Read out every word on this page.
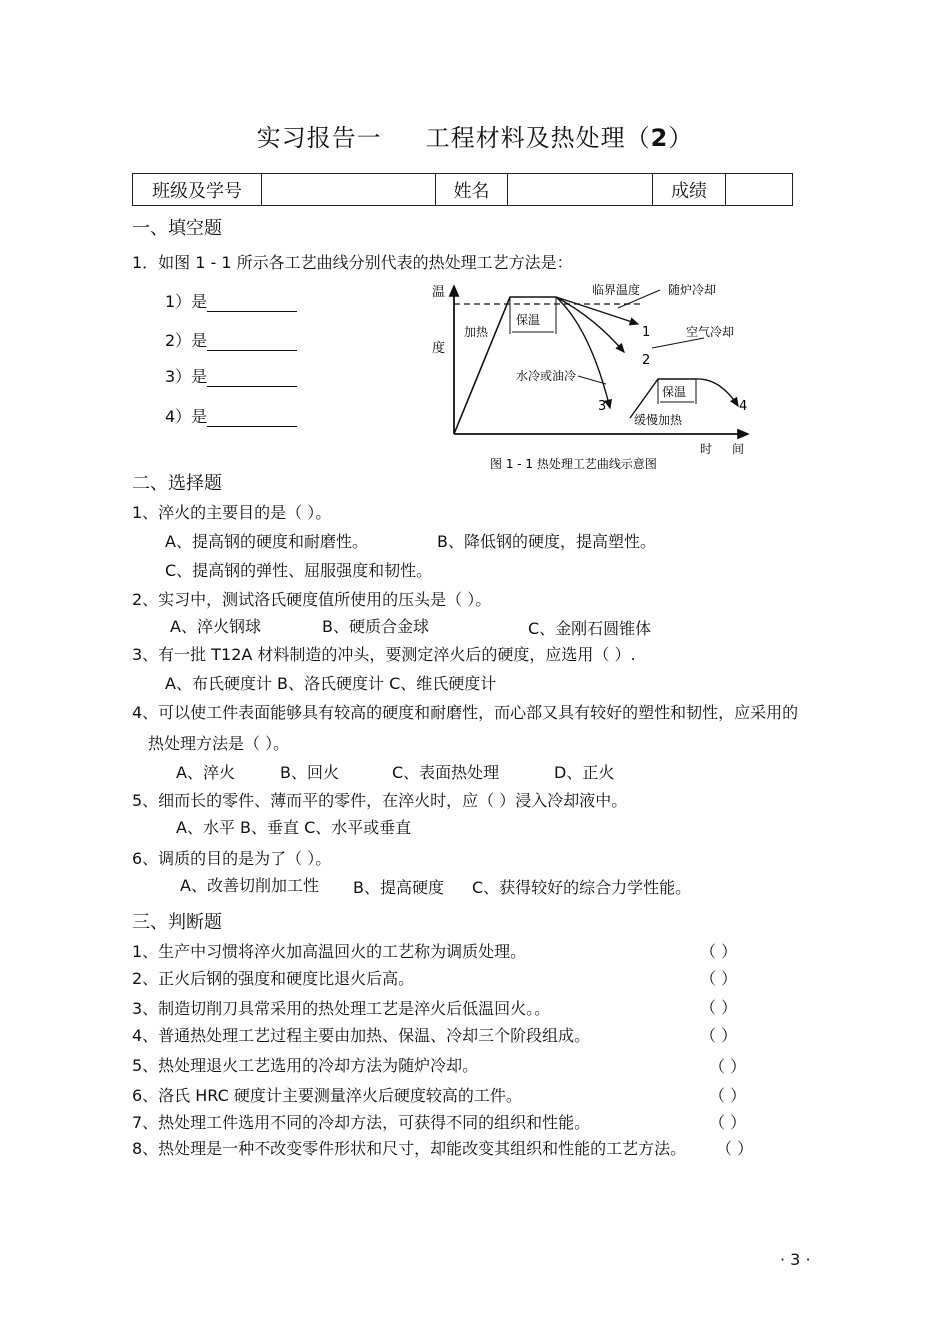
实习报告一 工程材料及热处理（2）
班级及学号		姓名		成绩	
一、填空题
1．如图 1 - 1 所示各工艺曲线分别代表的热处理工艺方法是：
1）是
2）是
3）是
4）是
温
度
临界温度 随炉冷却
加热
保温
空气冷却
水冷或油冷
缓慢加热
保温
1
2
3	4
时 间
图 1 - 1 热处理工艺曲线示意图
二、选择题
1、淬火的主要目的是（ ）。
A、提高钢的硬度和耐磨性。	B、降低钢的硬度，提高塑性。
C、提高钢的弹性、屈服强度和韧性。
2、实习中，测试洛氏硬度值所使用的压头是（ ）。
A、淬火钢球	B、硬质合金球	C、金刚石圆锥体
3、有一批 T12A 材料制造的冲头，要测定淬火后的硬度，应选用（ ）.
A、布氏硬度计 B、洛氏硬度计 C、维氏硬度计
4、可以使工件表面能够具有较高的硬度和耐磨性，而心部又具有较好的塑性和韧性，应采用的
热处理方法是（ ）。
A、淬火	B、回火	C、表面热处理	D、正火
5、细而长的零件、薄而平的零件，在淬火时，应（ ）浸入冷却液中。
A、水平 B、垂直 C、水平或垂直
6、调质的目的是为了（ ）。
A、改善切削加工性 B、提高硬度 C、获得较好的综合力学性能。
三、判断题
1、生产中习惯将淬火加高温回火的工艺称为调质处理。	（ ）
2、正火后钢的强度和硬度比退火后高。	（ ）
3、制造切削刀具常采用的热处理工艺是淬火后低温回火。。	（ ）
4、普通热处理工艺过程主要由加热、保温、冷却三个阶段组成。	（ ）
5、热处理退火工艺选用的冷却方法为随炉冷却。	（ ）
6、洛氏 HRC 硬度计主要测量淬火后硬度较高的工件。	（ ）
7、热处理工件选用不同的冷却方法，可获得不同的组织和性能。	（ ）
8、热处理是一种不改变零件形状和尺寸，却能改变其组织和性能的工艺方法。 （ ）
· 3 ·
